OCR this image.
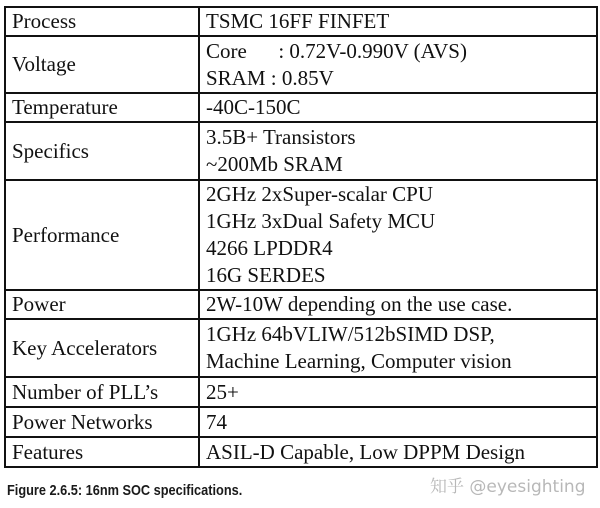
Process	TSMC 16FF FINFET

Voltage	Core      : 0.72V-0.990V (AVS)
SRAM : 0.85V

Temperature	-40C-150C

Specifics	3.5B+ Transistors
~200Mb SRAM

Performance	2GHz 2xSuper-scalar CPU
1GHz 3xDual Safety MCU
4266 LPDDR4
16G SERDES

Power	2W-10W depending on the use case.

Key Accelerators	1GHz 64bVLIW/512bSIMD DSP,
Machine Learning, Computer vision

Number of PLL’s	25+

Power Networks	74

Features	ASIL-D Capable, Low DPPM Design
Figure 2.6.5: 16nm SOC specifications.	知乎 @eyesighting
